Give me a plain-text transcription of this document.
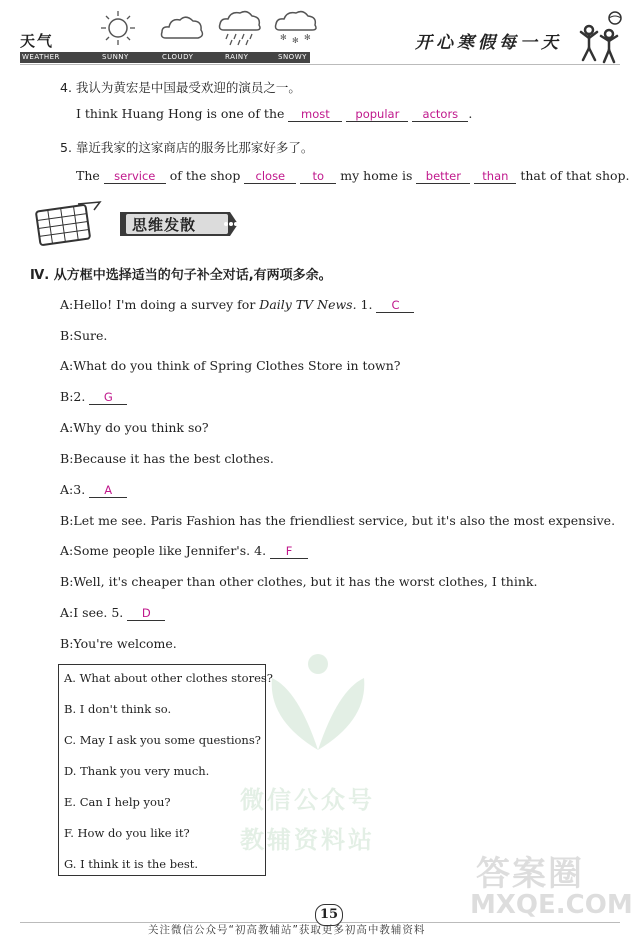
天气	✻ ✻ ✻
WEATHER	SUNNY	CLOUDY	RAINY	SNOWY
开心寒假每一天
4. 我认为黄宏是中国最受欢迎的演员之一。
I think Huang Hong is one of the most popular actors .
5. 靠近我家的这家商店的服务比那家好多了。
The service of the shop close to my home is better than that of that shop.
思维发散
Ⅳ. 从方框中选择适当的句子补全对话,有两项多余。
A:Hello! I'm doing a survey for Daily TV News. 1. C
B:Sure.
A:What do you think of Spring Clothes Store in town?
B:2. G
A:Why do you think so?
B:Because it has the best clothes.
A:3. A
B:Let me see. Paris Fashion has the friendliest service, but it's also the most expensive.
A:Some people like Jennifer's. 4. F
B:Well, it's cheaper than other clothes, but it has the worst clothes, I think.
A:I see. 5. D
B:You're welcome.
微信公众号
教辅资料站
答案圈
MXQE.COM
A. What about other clothes stores?
B. I don't think so.
C. May I ask you some questions?
D. Thank you very much.
E. Can I help you?
F. How do you like it?
G. I think it is the best.
15
关注微信公众号“初高教辅站”获取更多初高中教辅资料
